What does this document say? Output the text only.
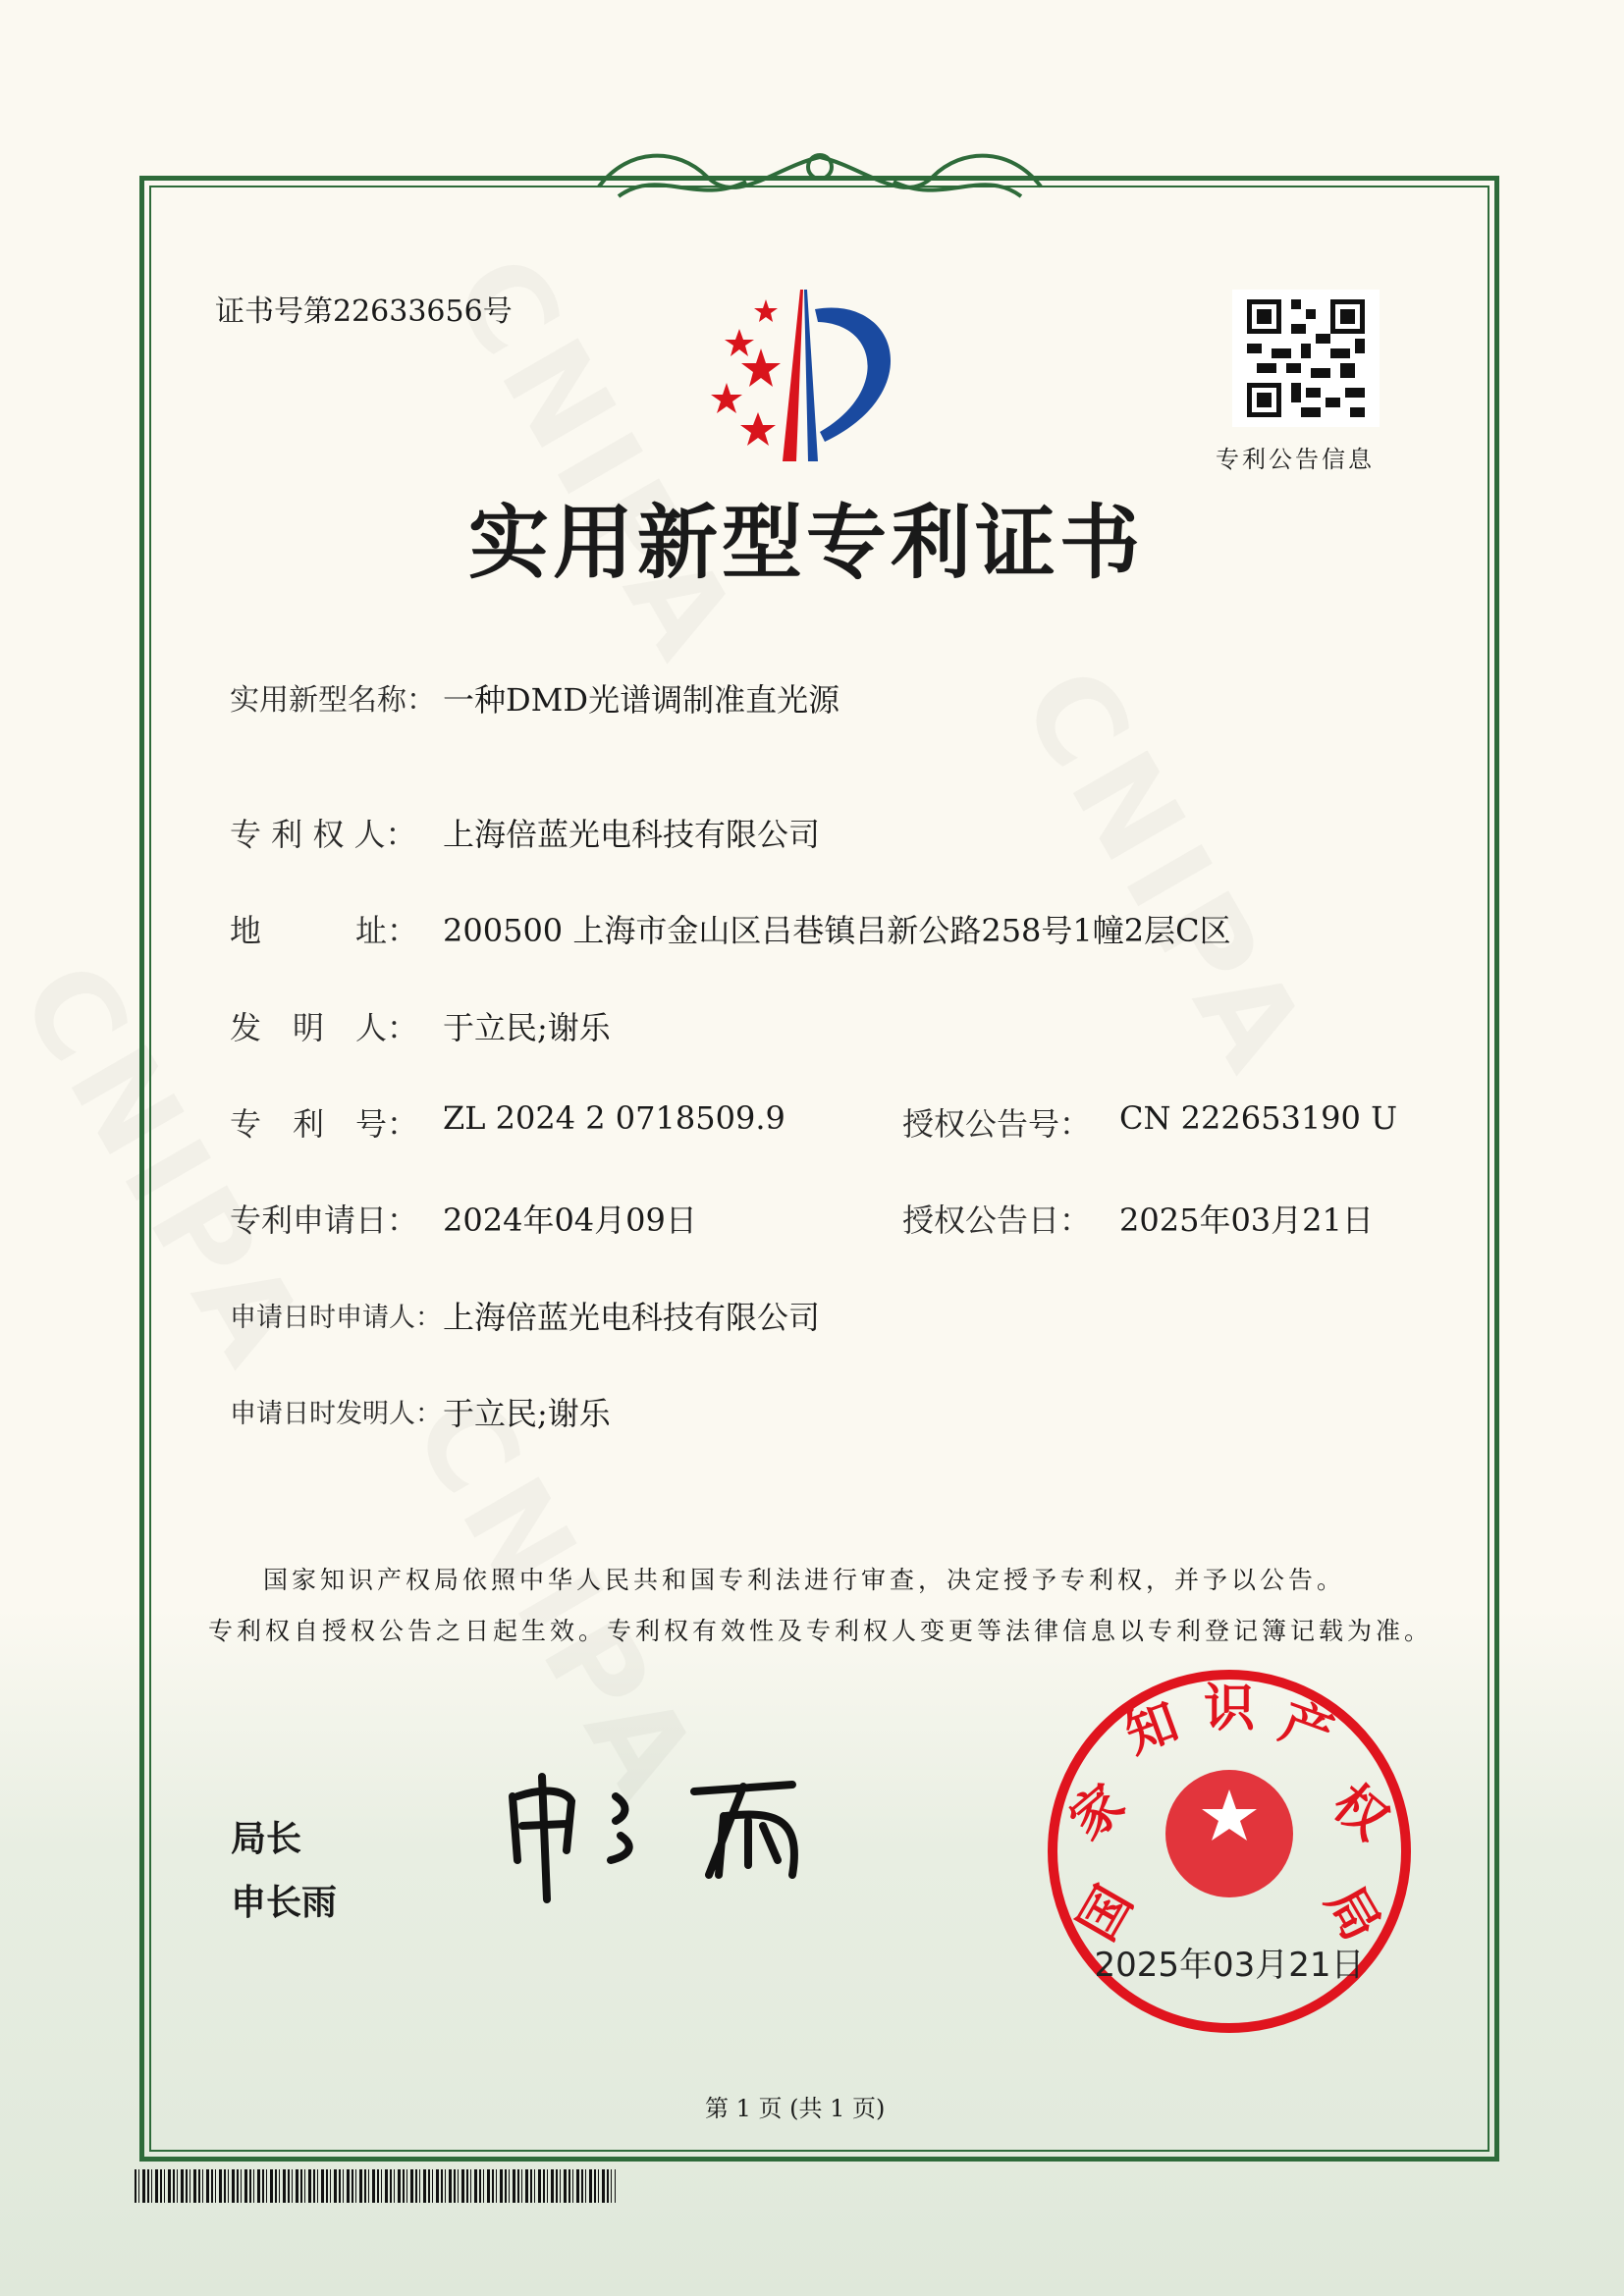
证书号第22633656号
专利公告信息
实用新型专利证书
实用新型名称： 一种DMD光谱调制准直光源
专 利 权 人： 上海倍蓝光电科技有限公司
地　　　址： 200500 上海市金山区吕巷镇吕新公路258号1幢2层C区
发　明　人： 于立民;谢乐
专　利　号： ZL 2024 2 0718509.9	授权公告号： CN 222653190 U
专利申请日： 2024年04月09日	授权公告日： 2025年03月21日
申请日时申请人： 上海倍蓝光电科技有限公司
申请日时发明人： 于立民;谢乐
国家知识产权局依照中华人民共和国专利法进行审查，决定授予专利权，并予以公告。
专利权自授权公告之日起生效。专利权有效性及专利权人变更等法律信息以专利登记簿记载为准。
局长
申长雨	国
家
知 识 产
权
局
2025年03月21日
第 1 页 (共 1 页)
